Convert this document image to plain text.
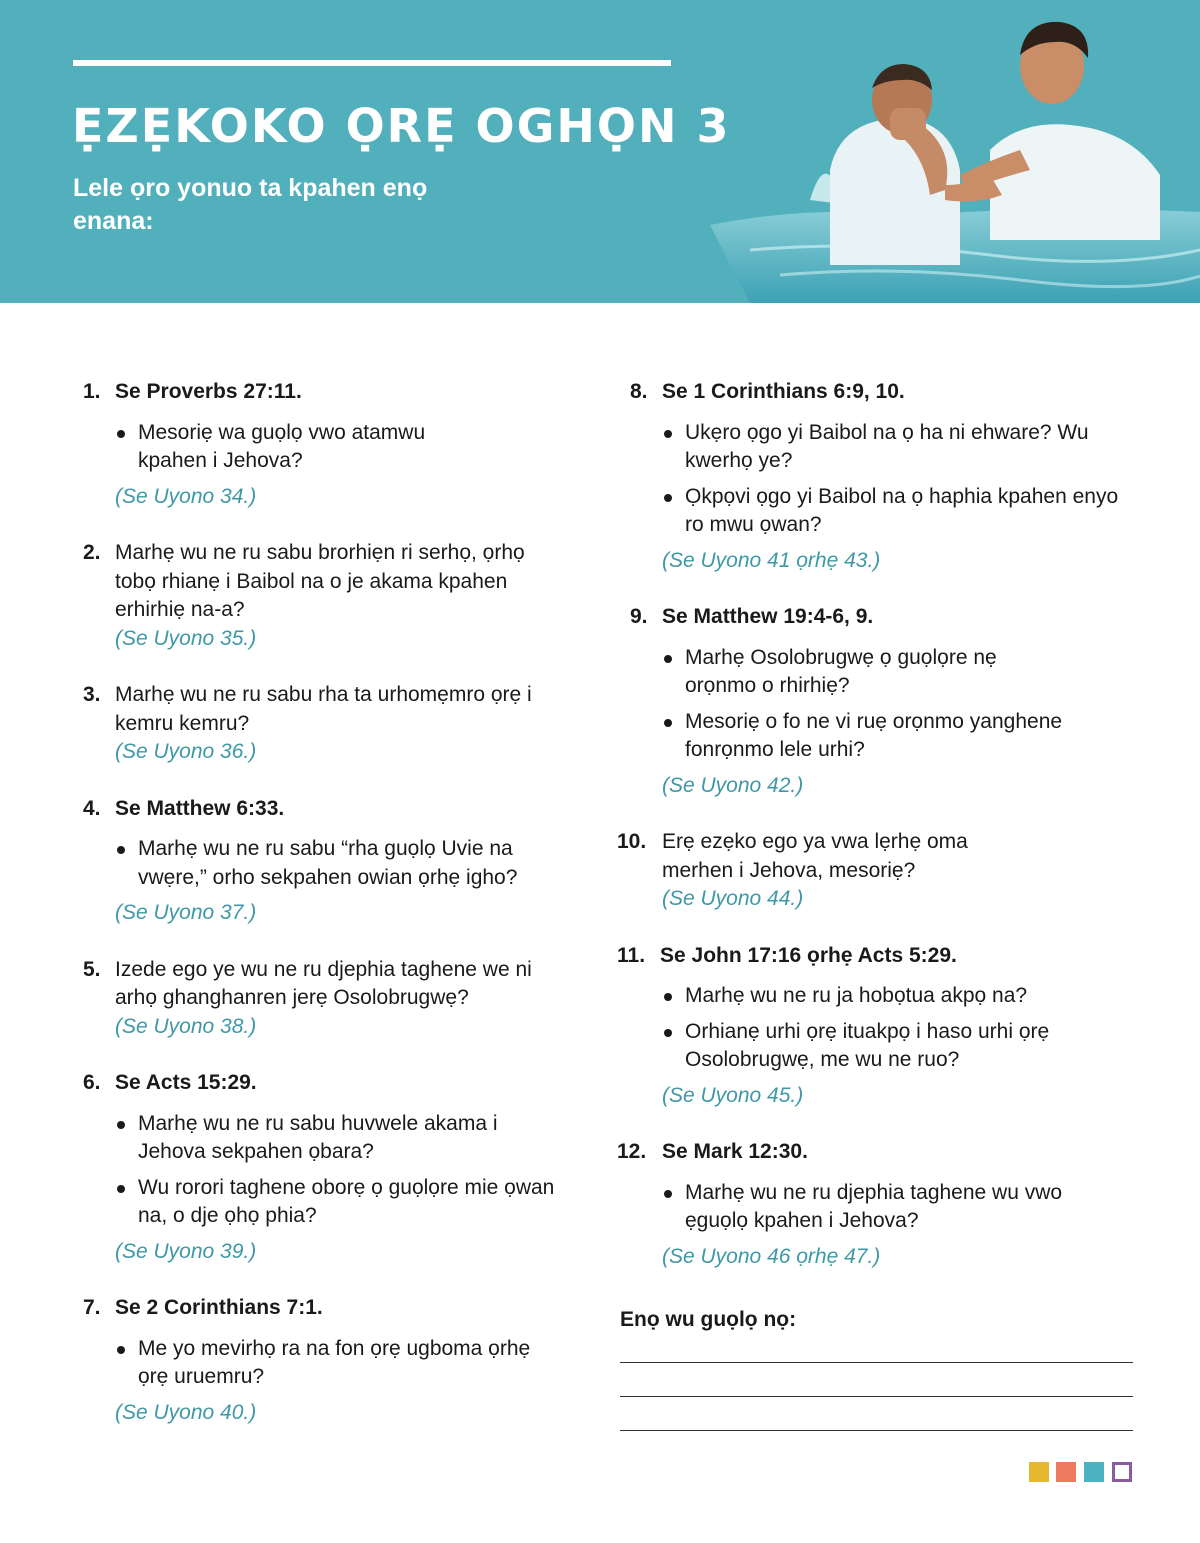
ẸZẸKOKO ỌRẸ OGHỌN 3
Lele ọro yonuo ta kpahen enọ enana:
1. Se Proverbs 27:11.
Mesoriẹ wa guọlọ vwo atamwu kpahen i Jehova?
(Se Uyono 34.)
2. Marhẹ wu ne ru sabu brorhiẹn ri serhọ, ọrhọ tobọ rhianẹ i Baibol na o je akama kpahen erhirhiẹ na-a?
(Se Uyono 35.)
3. Marhẹ wu ne ru sabu rha ta urhomẹmro ọrẹ i kemru kemru?
(Se Uyono 36.)
4. Se Matthew 6:33.
Marhẹ wu ne ru sabu “rha guọlọ Uvie na vwẹre,” orho sekpahen owian ọrhẹ igho?
(Se Uyono 37.)
5. Izede ego ye wu ne ru djephia taghene we ni arhọ ghanghanren jerẹ Osolobrugwẹ?
(Se Uyono 38.)
6. Se Acts 15:29.
Marhẹ wu ne ru sabu huvwele akama i Jehova sekpahen ọbara?
Wu rorori taghene oborẹ ọ guọlọre mie ọwan na, o dje ọhọ phia?
(Se Uyono 39.)
7. Se 2 Corinthians 7:1.
Me yo mevirhọ ra na fon ọrẹ ugboma ọrhẹ ọrẹ uruemru?
(Se Uyono 40.)
8. Se 1 Corinthians 6:9, 10.
Ukẹro ọgo yi Baibol na ọ ha ni ehware? Wu kwerhọ ye?
Ọkpọvi ọgo yi Baibol na ọ haphia kpahen enyo ro mwu ọwan?
(Se Uyono 41 ọrhẹ 43.)
9. Se Matthew 19:4-6, 9.
Marhẹ Osolobrugwẹ ọ guọlọre nẹ orọnmo o rhirhiẹ?
Mesoriẹ o fo ne vi ruẹ orọnmo yanghene fonrọnmo lele urhi?
(Se Uyono 42.)
10. Erẹ ezẹko ego ya vwa lẹrhẹ oma merhen i Jehova, mesoriẹ?
(Se Uyono 44.)
11. Se John 17:16 ọrhẹ Acts 5:29.
Marhẹ wu ne ru ja hobọtua akpọ na?
Orhianẹ urhi ọrẹ ituakpọ i haso urhi ọrẹ Osolobrugwẹ, me wu ne ruo?
(Se Uyono 45.)
12. Se Mark 12:30.
Marhẹ wu ne ru djephia taghene wu vwo ẹguọlọ kpahen i Jehova?
(Se Uyono 46 ọrhẹ 47.)
Enọ wu guọlọ nọ:
